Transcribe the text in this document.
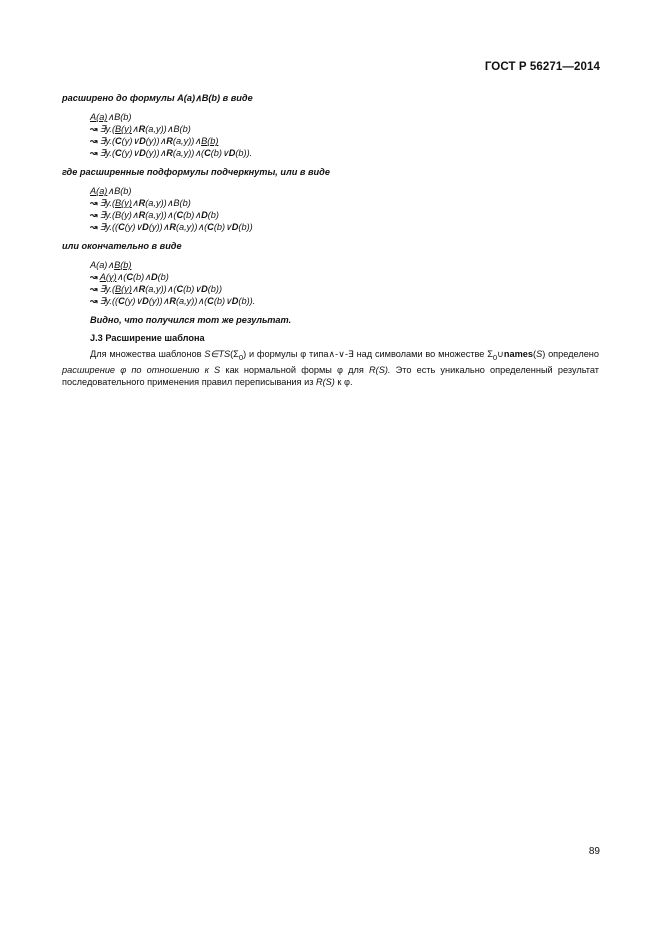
ГОСТ Р 56271—2014

расширено до формулы A(a)∧B(b) в виде

A(a)∧B(b)
↝ ∃y.(B(y)∧R(a,y))∧B(b)
↝ ∃y.(C(y)∨D(y))∧R(a,y))∧B(b)
↝ ∃y.(C(y)∨D(y))∧R(a,y))∧(C(b)∨D(b)).

где расширенные подформулы подчеркнуты, или в виде

A(a)∧B(b)
↝ ∃y.(B(y)∧R(a,y))∧B(b)
↝ ∃y.(B(y)∧R(a,y))∧(C(b)∧D(b)
↝ ∃y.((C(y)∨D(y))∧R(a,y))∧(C(b)∨D(b))

или окончательно в виде

A(a)∧B(b)
↝ A(y)∧(C(b)∧D(b)
↝ ∃y.(B(y)∧R(a,y))∧(C(b)∨D(b))
↝ ∃y.((C(y)∨D(y))∧R(a,y))∧(C(b)∨D(b)).

Видно, что получился тот же результат.

J.3 Расширение шаблона

Для множества шаблонов $S\in TS(\Sigma_0)$ и формулы φ типа∧-∨-∃ над символами во множестве $\Sigma_0\cup names(S)$ определено расширение φ по отношению к S как нормальной формы φ для R(S). Это есть уникально определенный результат последовательного применения правил переписывания из R(S) к φ.

89
